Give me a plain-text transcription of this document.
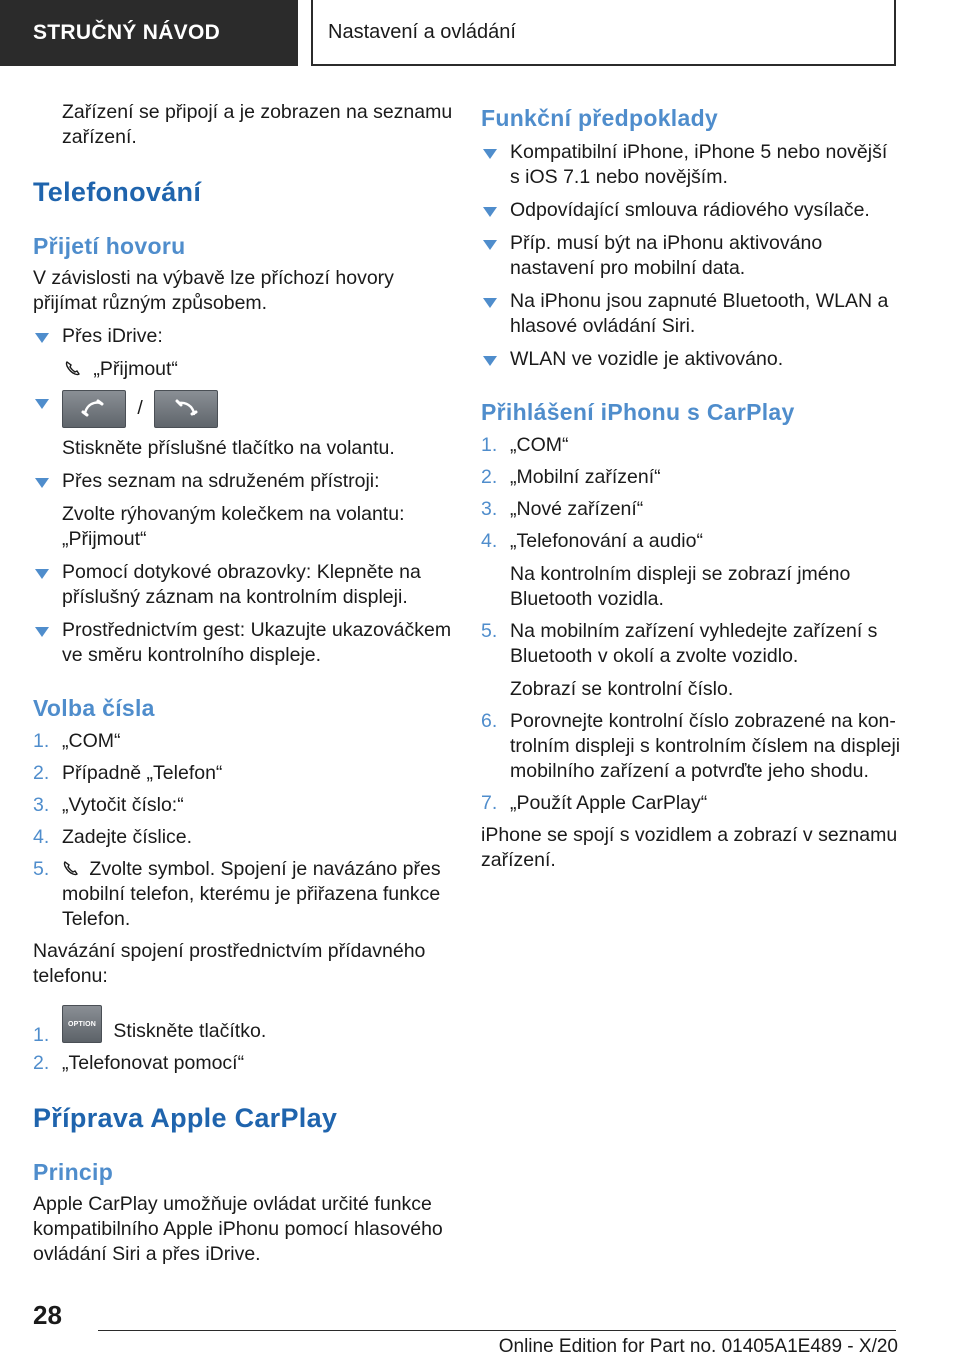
STRUČNÝ NÁVOD	Nastavení a ovládání

Zařízení se připojí a je zobrazen na seznamu zařízení.

Telefonování
Přijetí hovoru

V závislosti na výbavě lze příchozí hovory přijímat různým způsobem.

Přes iDrive:

„Přijmout“

/

Stiskněte příslušné tlačítko na volantu.

Přes seznam na sdruženém přístroji:

Zvolte rýhovaným kolečkem na volantu: „Přijmout“

Pomocí dotykové obrazovky: Klepněte na příslušný záznam na kontrolním displeji.
Prostřednictvím gest: Ukazujte ukazováčkem ve směru kontrolního displeje.
Volba čísla
1. „COM“
2. Případně „Telefon“
3. „Vytočit číslo:“
4. Zadejte číslice.
5. Zvolte symbol. Spojení je navázáno přes mobilní telefon, kterému je přiřazena funkce Telefon.

Navázání spojení prostřednictvím přídavného telefonu:

1.	OPTION Stiskněte tlačítko.
2. „Telefonovat pomocí“
Příprava Apple CarPlay
Princip

Apple CarPlay umožňuje ovládat určité funkce kompatibilního Apple iPhonu pomocí hlasového ovládání Siri a přes iDrive.

Funkční předpoklady
Kompatibilní iPhone, iPhone 5 nebo novější s iOS 7.1 nebo novějším.
Odpovídající smlouva rádiového vysílače.
Příp. musí být na iPhonu aktivováno nastavení pro mobilní data.
Na iPhonu jsou zapnuté Bluetooth, WLAN a hlasové ovládání Siri.
WLAN ve vozidle je aktivováno.
Přihlášení iPhonu s CarPlay
1. „COM“
2. „Mobilní zařízení“
3. „Nové zařízení“
4. „Telefonování a audio“

Na kontrolním displeji se zobrazí jméno Bluetooth vozidla.

5. Na mobilním zařízení vyhledejte zařízení s Bluetooth v okolí a zvolte vozidlo.

Zobrazí se kontrolní číslo.

6. Porovnejte kontrolní číslo zobrazené na kontrolním displeji s kontrolním číslem na displeji mobilního zařízení a potvrďte jeho shodu.
7. „Použít Apple CarPlay“

iPhone se spojí s vozidlem a zobrazí v seznamu zařízení.

28
Online Edition for Part no. 01405A1E489 - X/20
